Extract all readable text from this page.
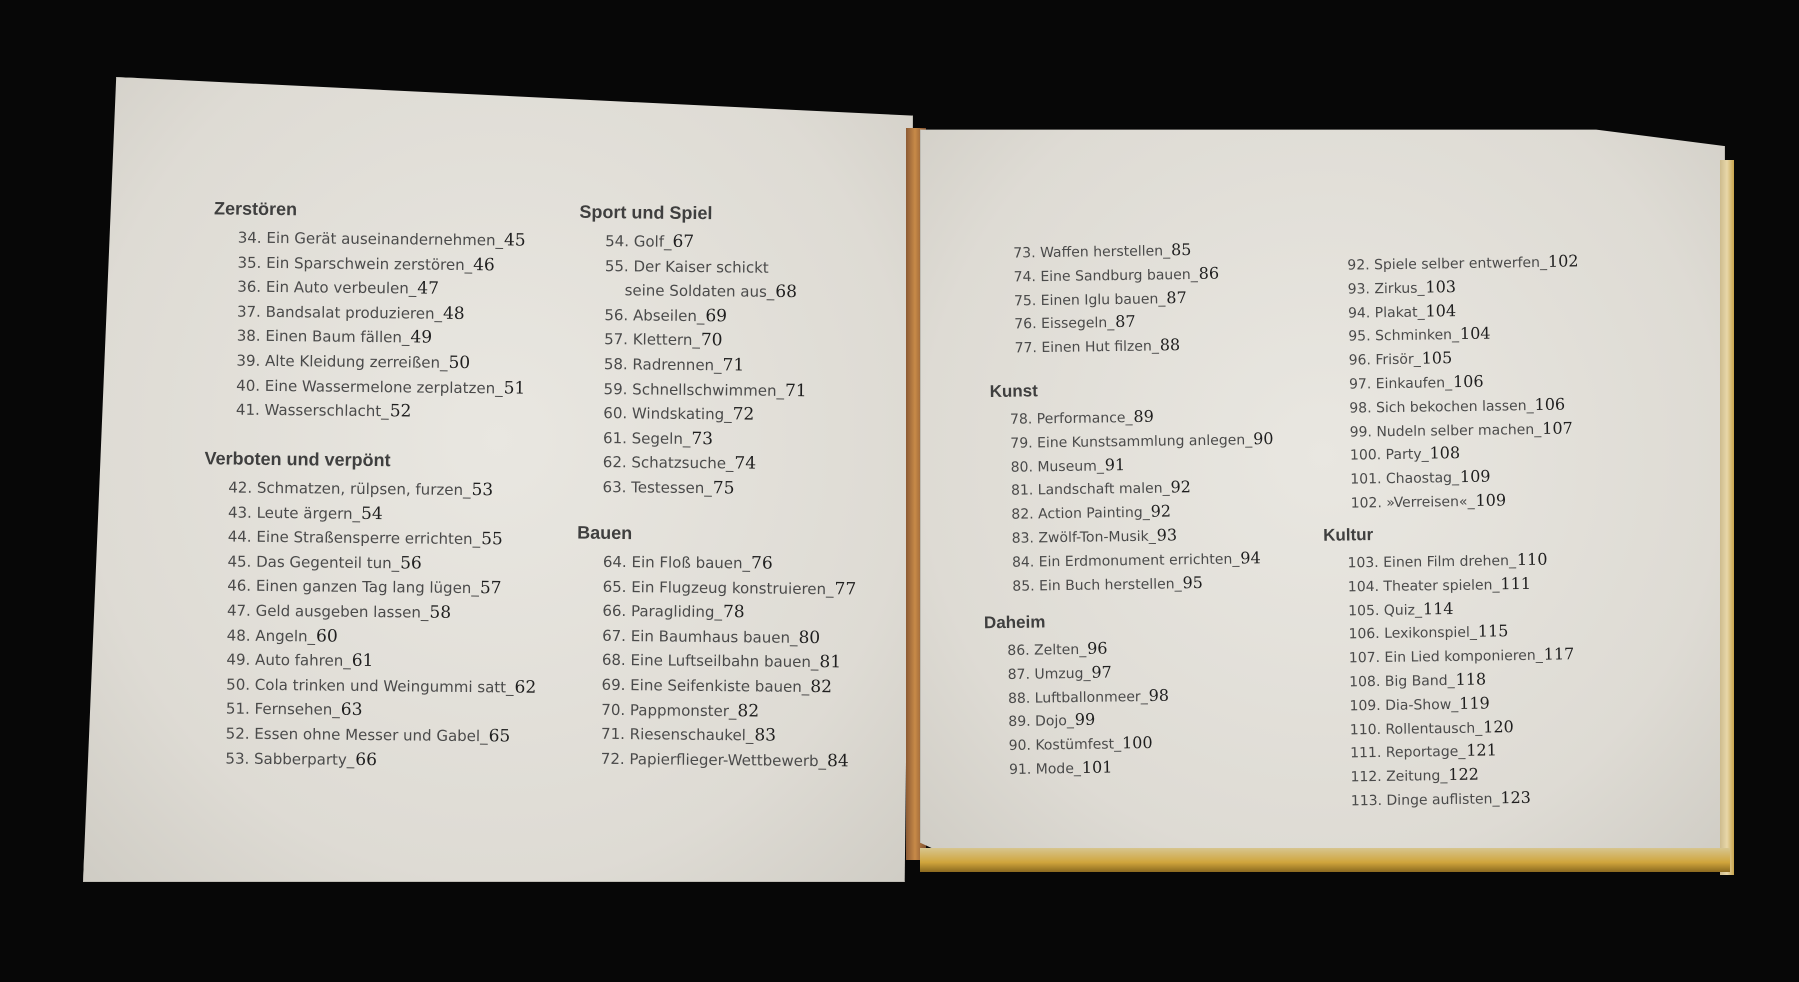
Zerstören
34. Ein Gerät auseinandernehmen_45
35. Ein Sparschwein zerstören_46
36. Ein Auto verbeulen_47
37. Bandsalat produzieren_48
38. Einen Baum fällen_49
39. Alte Kleidung zerreißen_50
40. Eine Wassermelone zerplatzen_51
41. Wasserschlacht_52
Verboten und verpönt
42. Schmatzen, rülpsen, furzen_53
43. Leute ärgern_54
44. Eine Straßensperre errichten_55
45. Das Gegenteil tun_56
46. Einen ganzen Tag lang lügen_57
47. Geld ausgeben lassen_58
48. Angeln_60
49. Auto fahren_61
50. Cola trinken und Weingummi satt_62
51. Fernsehen_63
52. Essen ohne Messer und Gabel_65
53. Sabberparty_66
Sport und Spiel
54. Golf_67
55. Der Kaiser schickt
seine Soldaten aus_68
56. Abseilen_69
57. Klettern_70
58. Radrennen_71
59. Schnellschwimmen_71
60. Windskating_72
61. Segeln_73
62. Schatzsuche_74
63. Testessen_75
Bauen
64. Ein Floß bauen_76
65. Ein Flugzeug konstruieren_77
66. Paragliding_78
67. Ein Baumhaus bauen_80
68. Eine Luftseilbahn bauen_81
69. Eine Seifenkiste bauen_82
70. Pappmonster_82
71. Riesenschaukel_83
72. Papierflieger-Wettbewerb_84
73. Waffen herstellen_85
74. Eine Sandburg bauen_86
75. Einen Iglu bauen_87
76. Eissegeln_87
77. Einen Hut filzen_88
Kunst
78. Performance_89
79. Eine Kunstsammlung anlegen_90
80. Museum_91
81. Landschaft malen_92
82. Action Painting_92
83. Zwölf-Ton-Musik_93
84. Ein Erdmonument errichten_94
85. Ein Buch herstellen_95
Daheim
86. Zelten_96
87. Umzug_97
88. Luftballonmeer_98
89. Dojo_99
90. Kostümfest_100
91. Mode_101
92. Spiele selber entwerfen_102
93. Zirkus_103
94. Plakat_104
95. Schminken_104
96. Frisör_105
97. Einkaufen_106
98. Sich bekochen lassen_106
99. Nudeln selber machen_107
100. Party_108
101. Chaostag_109
102. »Verreisen«_109
Kultur
103. Einen Film drehen_110
104. Theater spielen_111
105. Quiz_114
106. Lexikonspiel_115
107. Ein Lied komponieren_117
108. Big Band_118
109. Dia-Show_119
110. Rollentausch_120
111. Reportage_121
112. Zeitung_122
113. Dinge auflisten_123
